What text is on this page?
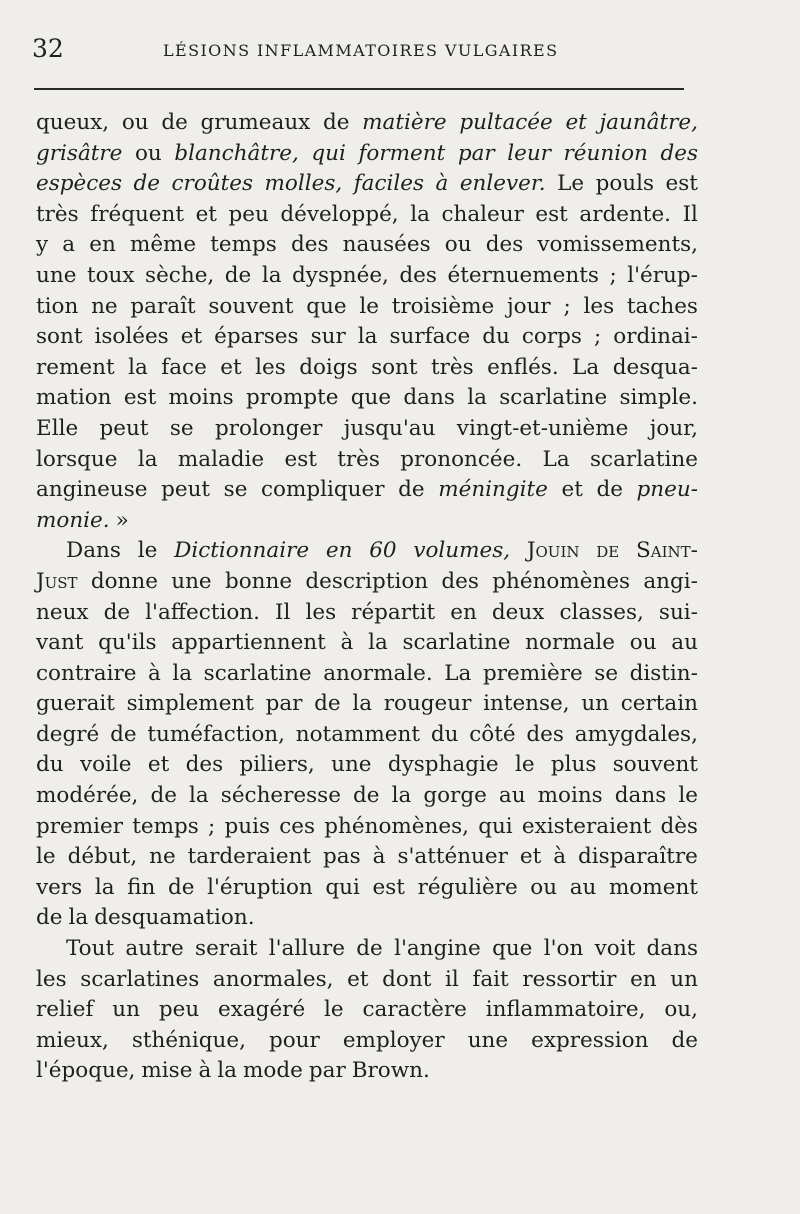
32	LÉSIONS INFLAMMATOIRES VULGAIRES
queux, ou de grumeaux de matière pultacée et jaunâtre,
grisâtre ou blanchâtre, qui forment par leur réunion des
espèces de croûtes molles, faciles à enlever. Le pouls est
très fréquent et peu développé, la chaleur est ardente. Il
y a en même temps des nausées ou des vomissements,
une toux sèche, de la dyspnée, des éternuements ; l'érup-
tion ne paraît souvent que le troisième jour ; les taches
sont isolées et éparses sur la surface du corps ; ordinai-
rement la face et les doigs sont très enflés. La desqua-
mation est moins prompte que dans la scarlatine simple.
Elle peut se prolonger jusqu'au vingt-et-unième jour,
lorsque la maladie est très prononcée. La scarlatine
angineuse peut se compliquer de méningite et de pneu-
monie. »
Dans le Dictionnaire en 60 volumes, Jouin de Saint-
Just donne une bonne description des phénomènes angi-
neux de l'affection. Il les répartit en deux classes, sui-
vant qu'ils appartiennent à la scarlatine normale ou au
contraire à la scarlatine anormale. La première se distin-
guerait simplement par de la rougeur intense, un certain
degré de tuméfaction, notamment du côté des amygdales,
du voile et des piliers, une dysphagie le plus souvent
modérée, de la sécheresse de la gorge au moins dans le
premier temps ; puis ces phénomènes, qui existeraient dès
le début, ne tarderaient pas à s'atténuer et à disparaître
vers la fin de l'éruption qui est régulière ou au moment
de la desquamation.
Tout autre serait l'allure de l'angine que l'on voit dans
les scarlatines anormales, et dont il fait ressortir en un
relief un peu exagéré le caractère inflammatoire, ou,
mieux, sthénique, pour employer une expression de
l'époque, mise à la mode par Brown.
